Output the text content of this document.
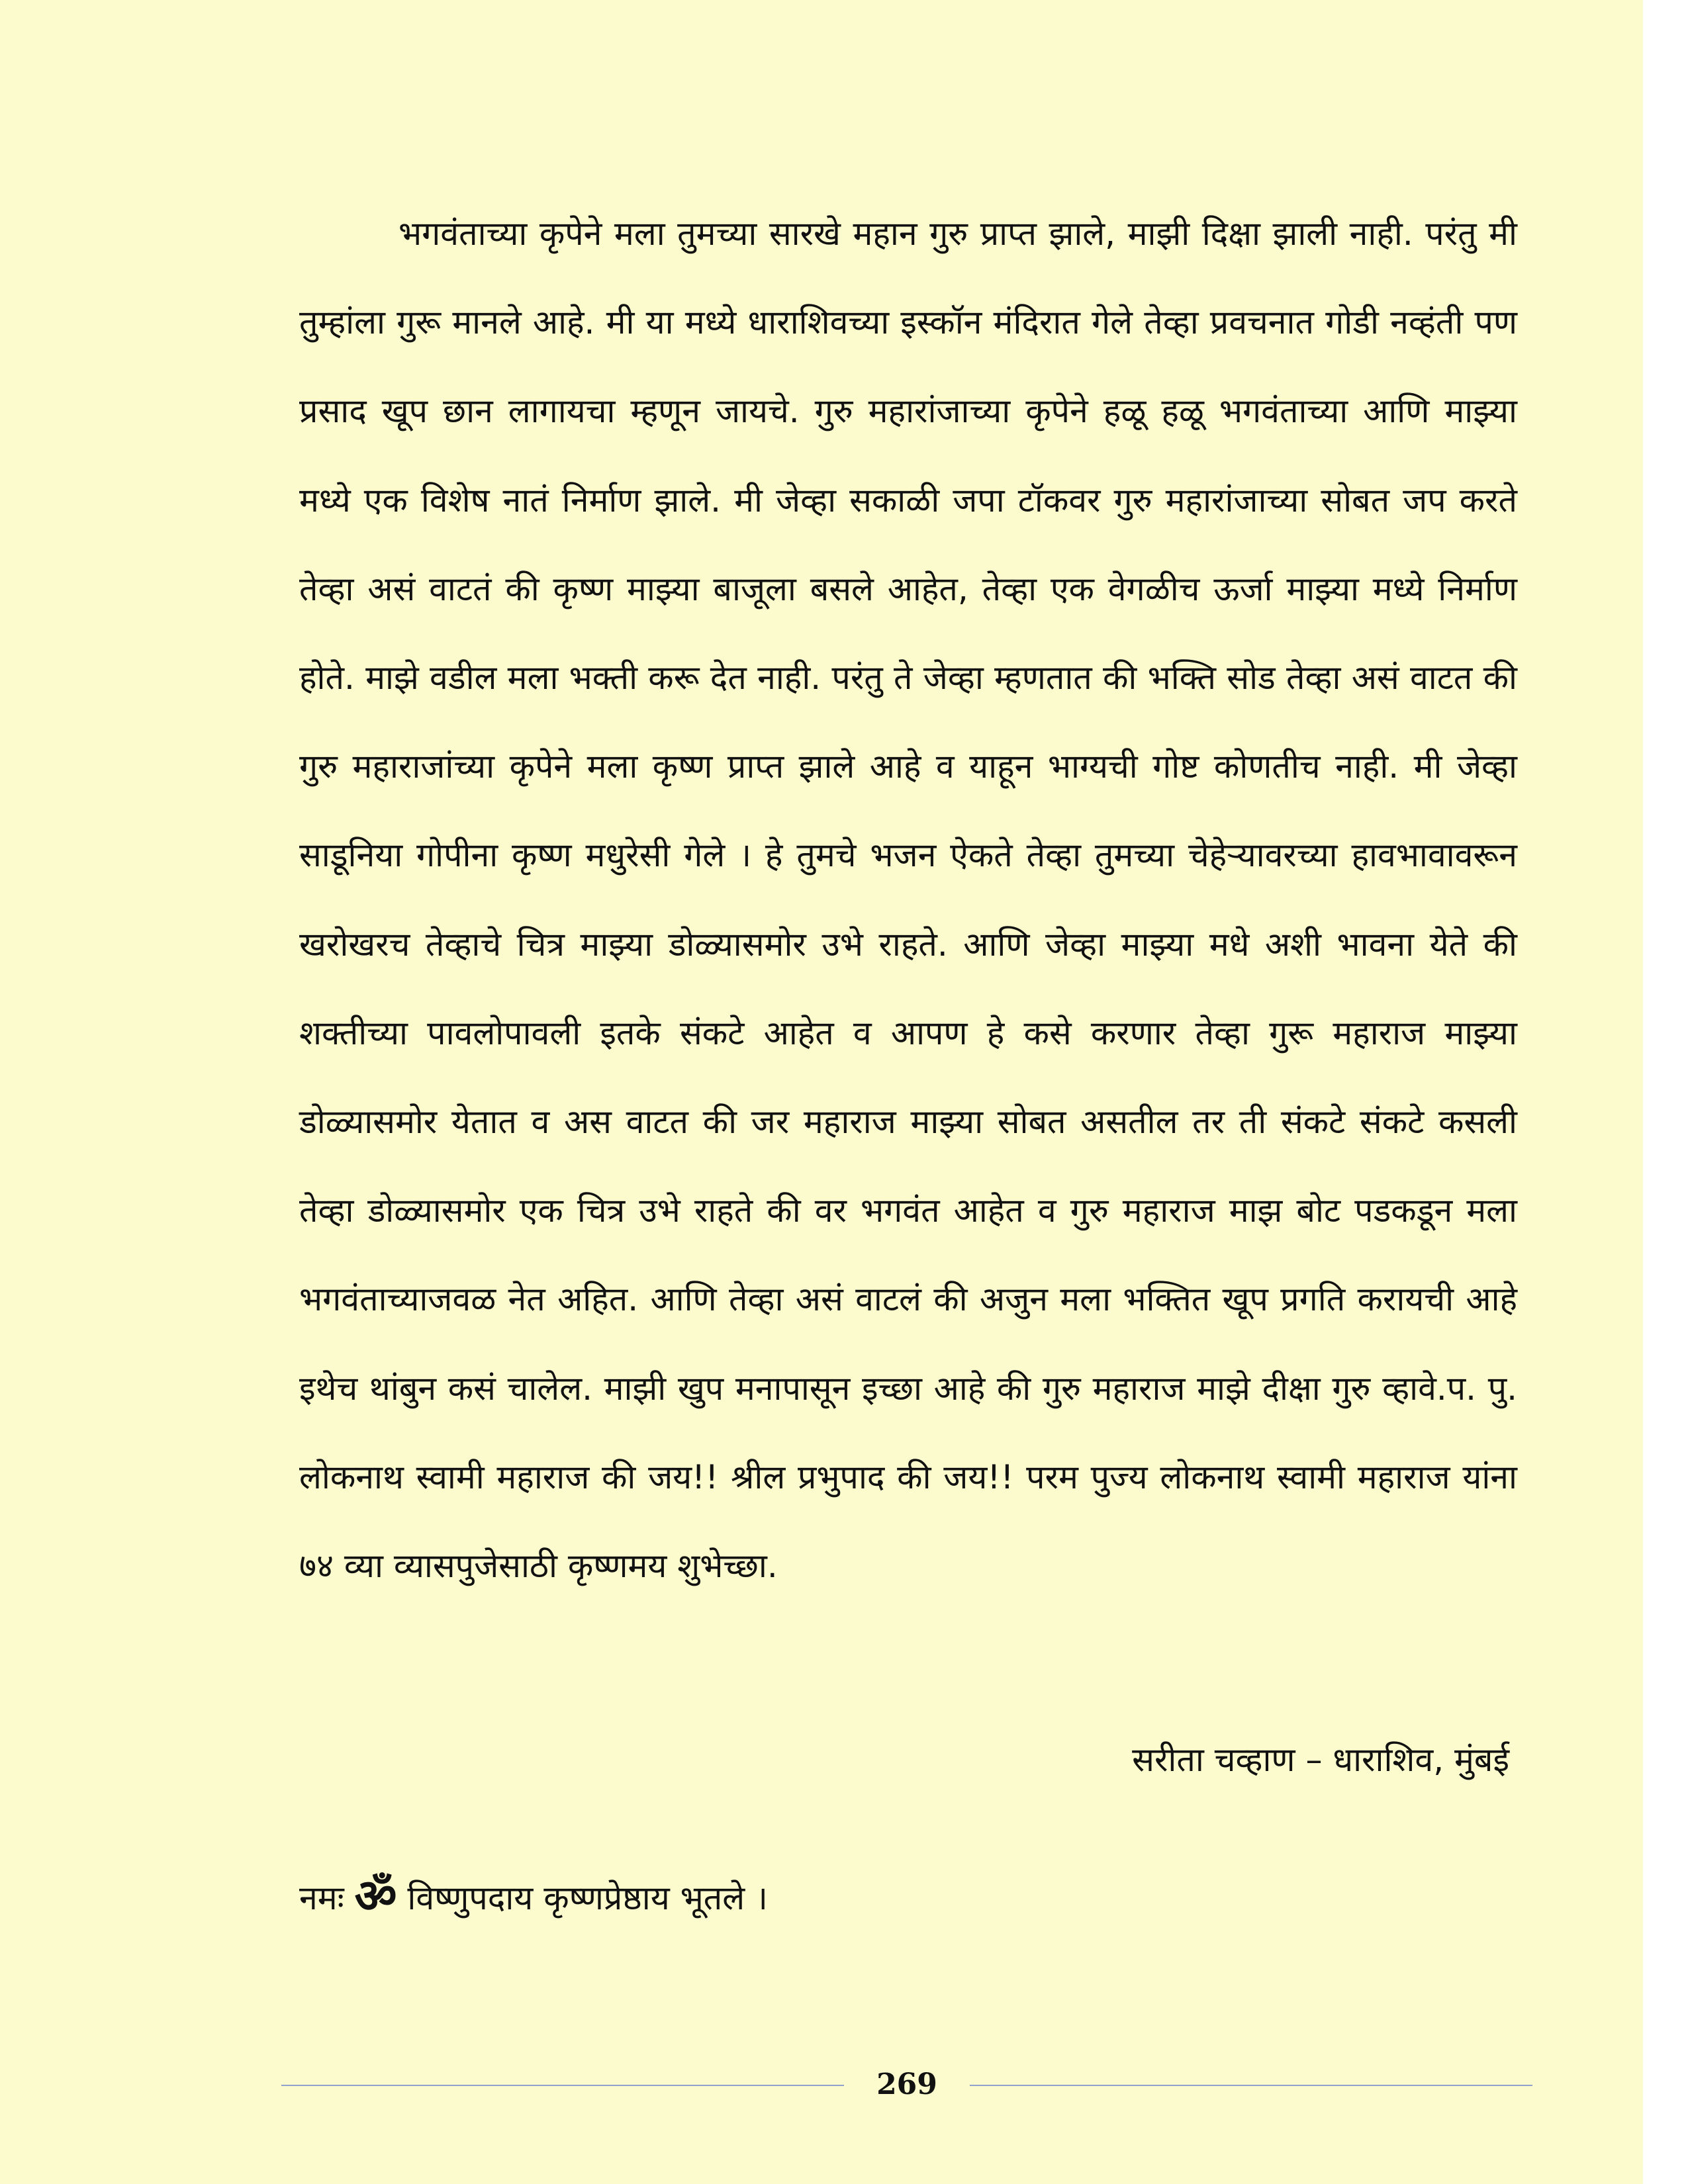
भगवंताच्या कृपेने मला तुमच्या सारखे महान गुरु प्राप्त झाले, माझी दिक्षा झाली नाही. परंतु मी तुम्हांला गुरू मानले आहे. मी या मध्ये धाराशिवच्या इस्कॉन मंदिरात गेले तेव्हा प्रवचनात गोडी नव्हंती पण प्रसाद खूप छान लागायचा म्हणून जायचे. गुरु महारांजाच्या कृपेने हळू हळू भगवंताच्या आणि माझ्या मध्ये एक विशेष नातं निर्माण झाले. मी जेव्हा सकाळी जपा टॉकवर गुरु महारांजाच्या सोबत जप करते तेव्हा असं वाटतं की कृष्ण माझ्या बाजूला बसले आहेत, तेव्हा एक वेगळीच ऊर्जा माझ्या मध्ये निर्माण होते. माझे वडील मला भक्ती करू देत नाही. परंतु ते जेव्हा म्हणतात की भक्ति सोड तेव्हा असं वाटत की गुरु महाराजांच्या कृपेने मला कृष्ण प्राप्त झाले आहे व याहून भाग्यची गोष्ट कोणतीच नाही. मी जेव्हा साडूनिया गोपीना कृष्ण मधुरेसी गेले । हे तुमचे भजन ऐकते तेव्हा तुमच्या चेहेऱ्यावरच्या हावभावावरून खरोखरच तेव्हाचे चित्र माझ्या डोळ्यासमोर उभे राहते. आणि जेव्हा माझ्या मधे अशी भावना येते की शक्तीच्या पावलोपावली इतके संकटे आहेत व आपण हे कसे करणार तेव्हा गुरू महाराज माझ्या डोळ्यासमोर येतात व अस वाटत की जर महाराज माझ्या सोबत असतील तर ती संकटे संकटे कसली तेव्हा डोळ्यासमोर एक चित्र उभे राहते की वर भगवंत आहेत व गुरु महाराज माझ बोट पडकडून मला भगवंताच्याजवळ नेत अहित. आणि तेव्हा असं वाटलं की अजुन मला भक्तित खूप प्रगति करायची आहे इथेच थांबुन कसं चालेल. माझी खुप मनापासून इच्छा आहे की गुरु महाराज माझे दीक्षा गुरु व्हावे.प. पु. लोकनाथ स्वामी महाराज की जय!! श्रील प्रभुपाद की जय!! परम पुज्य लोकनाथ स्वामी महाराज यांना ७४ व्या व्यासपुजेसाठी कृष्णमय शुभेच्छा.

सरीता चव्हाण – धाराशिव, मुंबई
नमः ॐ विष्णुपदाय कृष्णप्रेष्ठाय भूतले ।
269
